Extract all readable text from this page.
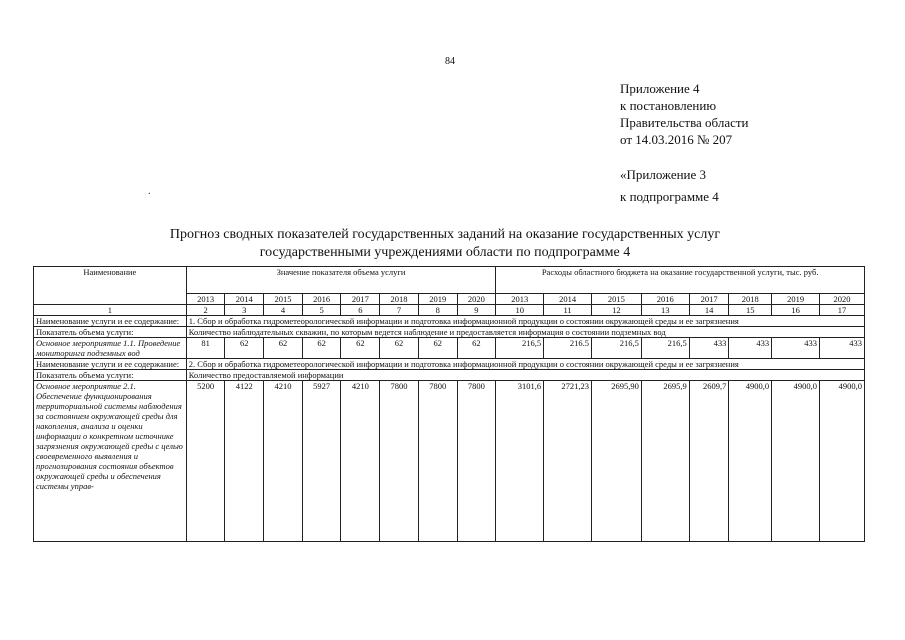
84
Приложение 4
к постановлению
Правительства области
от 14.03.2016 № 207
«Приложение 3
к подпрограмме 4
.
Прогноз сводных показателей государственных заданий на оказание государственных услуг
государственными учреждениями области по подпрограмме 4
Наименование	Значение показателя объема услуги								Расходы областного бюджета на оказание государственной услуги, тыс. руб.							
	2013	2014	2015	2016	2017	2018	2019	2020	2013	2014	2015	2016	2017	2018	2019	2020
1	2	3	4	5	6	7	8	9	10	11	12	13	14	15	16	17
Наименование услуги и ее содержание:	1. Сбор и обработка гидрометеорологической информации и подготовка информационной продукции о состоянии окружающей среды и ее загрязнения															
Показатель объема услуги:	Количество наблюдательных скважин, по которым ведется наблюдение и предоставляется информация о состоянии подземных вод															
Основное мероприятие 1.1. Проведение мониторинга подземных вод	81	62	62	62	62	62	62	62	216,5	216.5	216,5	216,5	433	433	433	433
Наименование услуги и ее содержание:	2. Сбор и обработка гидрометеорологической информации и подготовка информационной продукции о состоянии окружающей среды и ее загрязнения															
Показатель объема услуги:	Количество предоставляемой информации															
Основное мероприятие 2.1. Обеспечение функционирования территориальной системы наблюдения за состоянием окружающей среды для накопления, анализа и оценки информации о конкретном источнике загрязнения окружающей среды с целью своевременного выявления и прогнозирования состояния объектов окружающей среды и обеспечения системы управ-	5200	4122	4210	5927	4210	7800	7800	7800	3101,6	2721,23	2695,90	2695,9	2609,7	4900,0	4900,0	4900,0
